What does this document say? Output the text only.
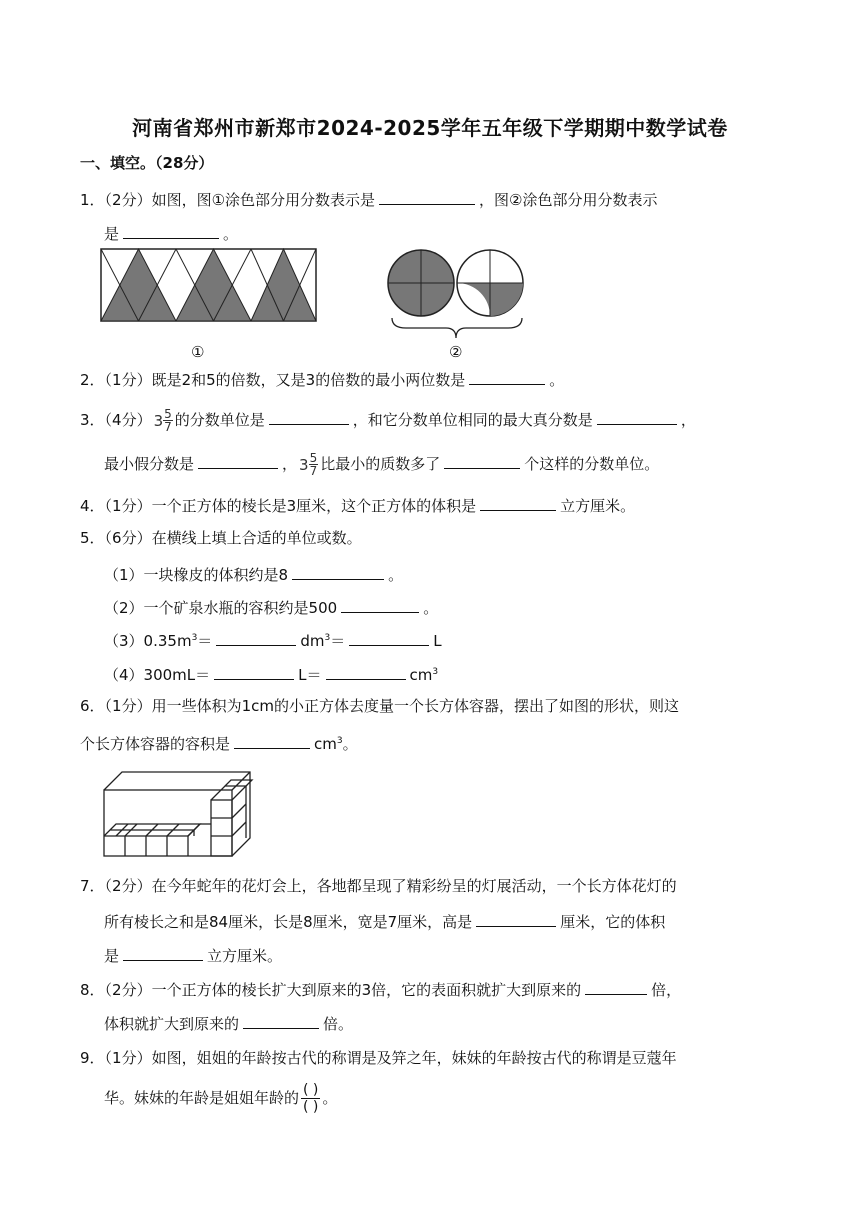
河南省郑州市新郑市2024-2025学年五年级下学期期中数学试卷
一、填空。（28分）
1．（2分）如图，图①涂色部分用分数表示是	，图②涂色部分用分数表示
是	。
①	②
2．（1分）既是2和5的倍数，又是3的倍数的最小两位数是	。
3．（4分） $3 \frac{5}{7}$ 的分数单位是	，和它分数单位相同的最大真分数是	，
最小假分数是	， $3 \frac{5}{7}$ 比最小的质数多了	个这样的分数单位。
4．（1分）一个正方体的棱长是3厘米，这个正方体的体积是	立方厘米。
5．（6分）在横线上填上合适的单位或数。
（1）一块橡皮的体积约是8	。
（2）一个矿泉水瓶的容积约是500	。
$(3)0.35m^3=$	$dm^3=$	L
（4）300mL＝	L＝	$cm^3$
6．（1分）用一些体积为1cm的小正方体去度量一个长方体容器，摆出了如图的形状，则这
个长方体容器的容积是	$cm^3$。
7．（2分）在今年蛇年的花灯会上，各地都呈现了精彩纷呈的灯展活动，一个长方体花灯的
所有棱长之和是84厘米，长是8厘米，宽是7厘米，高是	厘米，它的体积
是	立方厘米。
8．（2分）一个正方体的棱长扩大到原来的3倍，它的表面积就扩大到原来的	倍，
体积就扩大到原来的	倍。
9．（1分）如图，姐姐的年龄按古代的称谓是及笄之年，妹妹的年龄按古代的称谓是豆蔻年
华。妹妹的年龄是姐姐年龄的 $\frac{( )}{( )}$ 。
